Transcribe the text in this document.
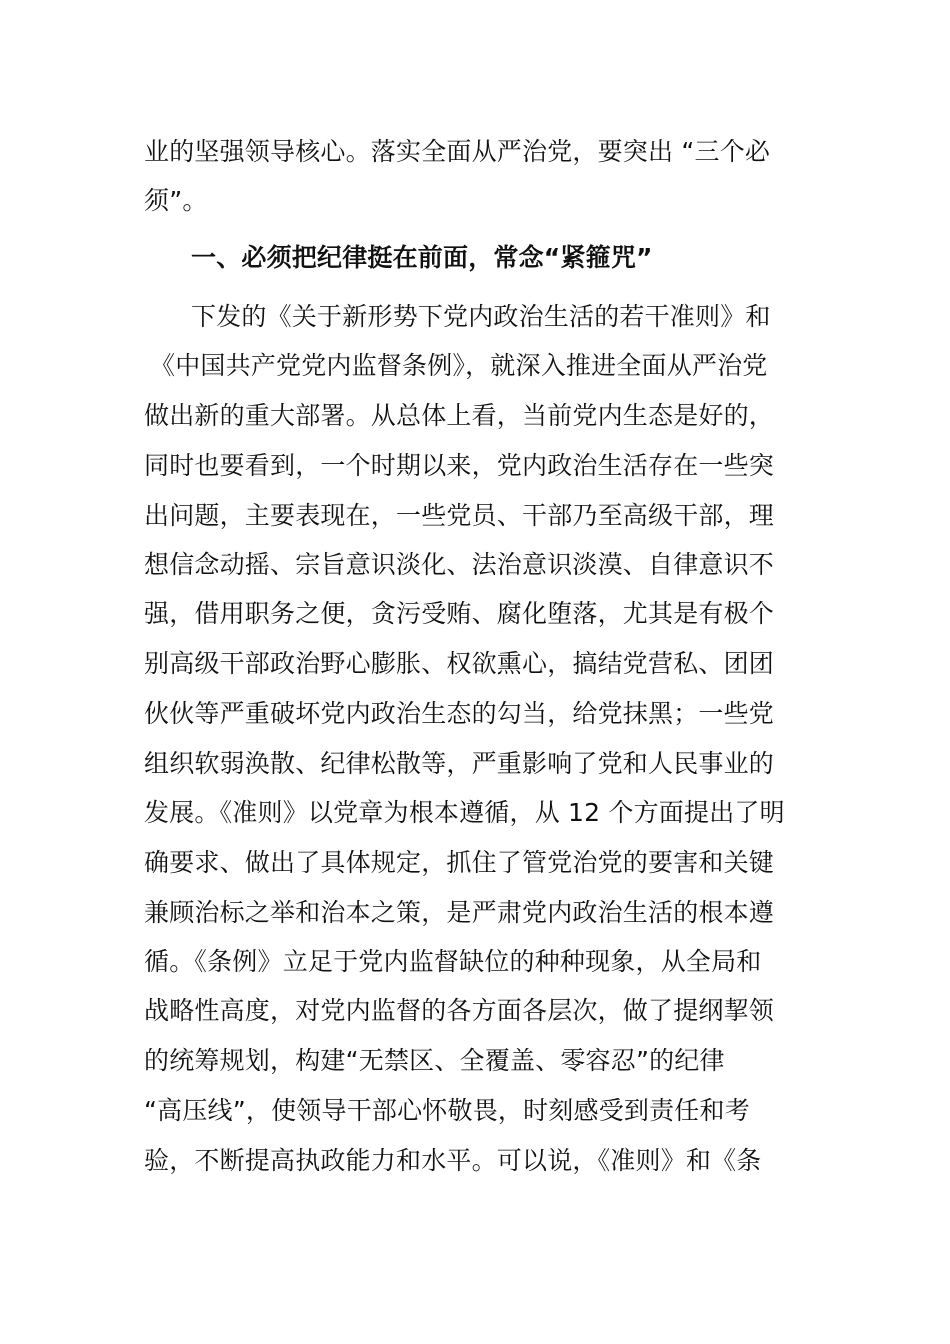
业的坚强领导核心。落实全面从严治党，要突出 “三个必
须”。
一、必须把纪律挺在前面，常念“紧箍咒”
下发的《关于新形势下党内政治生活的若干准则》和
《中国共产党党内监督条例》，就深入推进全面从严治党
做出新的重大部署。从总体上看，当前党内生态是好的，
同时也要看到，一个时期以来，党内政治生活存在一些突
出问题，主要表现在，一些党员、干部乃至高级干部，理
想信念动摇、宗旨意识淡化、法治意识淡漠、自律意识不
强，借用职务之便，贪污受贿、腐化堕落，尤其是有极个
别高级干部政治野心膨胀、权欲熏心，搞结党营私、团团
伙伙等严重破坏党内政治生态的勾当，给党抹黑；一些党
组织软弱涣散、纪律松散等，严重影响了党和人民事业的
发展。《准则》以党章为根本遵循，从 12 个方面提出了明
确要求、做出了具体规定，抓住了管党治党的要害和关键
兼顾治标之举和治本之策，是严肃党内政治生活的根本遵
循。《条例》立足于党内监督缺位的种种现象，从全局和
战略性高度，对党内监督的各方面各层次，做了提纲挈领
的统筹规划，构建“无禁区、全覆盖、零容忍”的纪律
“高压线”，使领导干部心怀敬畏，时刻感受到责任和考
验，不断提高执政能力和水平。可以说，《准则》和《条
